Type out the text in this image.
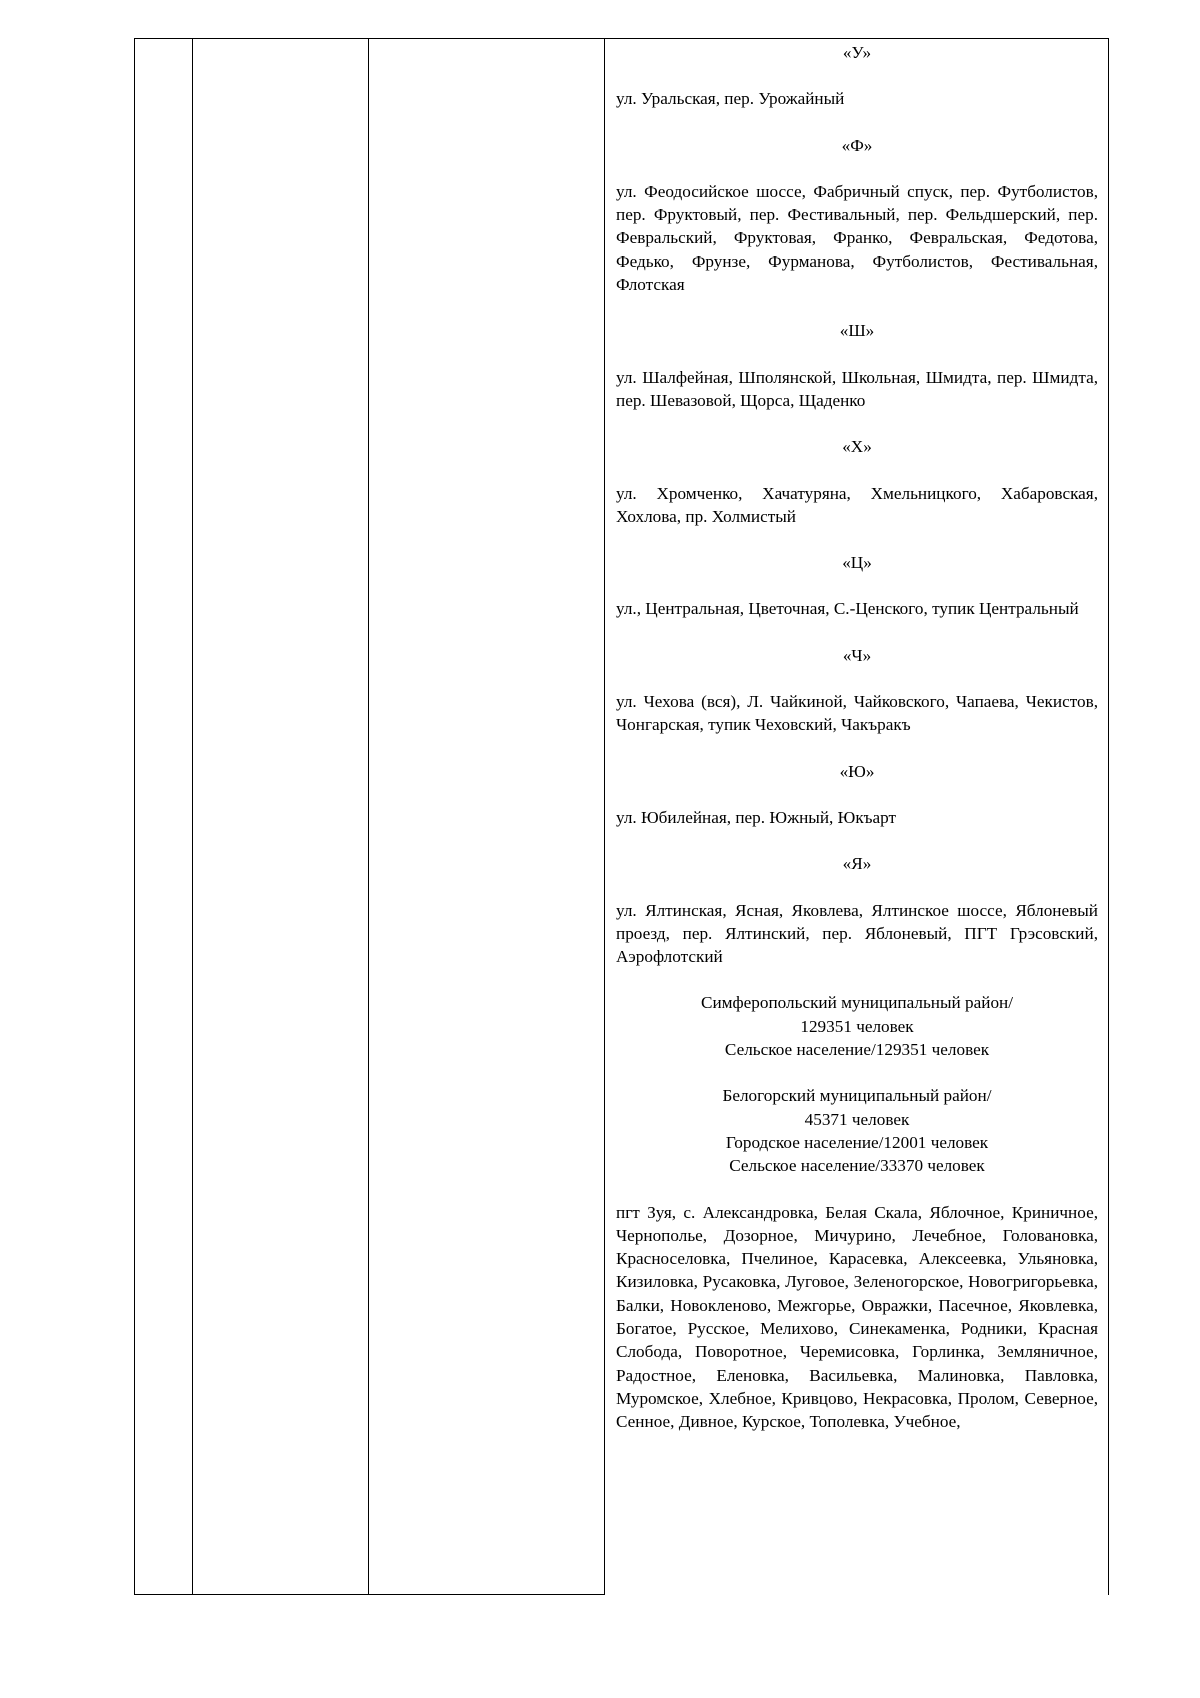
«У»

ул. Уральская, пер. Урожайный

«Ф»

ул. Феодосийское шоссе, Фабричный спуск, пер. Футболистов, пер. Фруктовый, пер. Фестивальный, пер. Фельдшерский, пер. Февральский, Фруктовая, Франко, Февральская, Федотова, Федько, Фрунзе, Фурманова, Футболистов, Фестивальная, Флотская

«Ш»

ул. Шалфейная, Шполянской, Школьная, Шмидта, пер. Шмидта, пер. Шевазовой, Щорса, Щаденко

«Х»

ул. Хромченко, Хачатуряна, Хмельницкого, Хабаровская, Хохлова, пр. Холмистый

«Ц»

ул., Центральная, Цветочная, С.-Ценского, тупик Центральный

«Ч»

ул. Чехова (вся), Л. Чайкиной, Чайковского, Чапаева, Чекистов, Чонгарская, тупик Чеховский, Чакъракъ

«Ю»

ул. Юбилейная, пер. Южный, Юкъарт

«Я»

ул. Ялтинская, Ясная, Яковлева, Ялтинское шоссе, Яблоневый проезд, пер. Ялтинский, пер. Яблоневый, ПГТ Грэсовский, Аэрофлотский

Симферопольский муниципальный район/
129351 человек
Сельское население/129351 человек
Белогорский муниципальный район/
45371 человек
Городское население/12001 человек
Сельское население/33370 человек

пгт Зуя, с. Александровка, Белая Скала, Яблочное, Криничное, Чернополье, Дозорное, Мичурино, Лечебное, Головановка, Красноселовка, Пчелиное, Карасевка, Алексеевка, Ульяновка, Кизиловка, Русаковка, Луговое, Зеленогорское, Новогригорьевка, Балки, Новокленово, Межгорье, Овражки, Пасечное, Яковлевка, Богатое, Русское, Мелихово, Синекаменка, Родники, Красная Слобода, Поворотное, Черемисовка, Горлинка, Земляничное, Радостное, Еленовка, Васильевка, Малиновка, Павловка, Муромское, Хлебное, Кривцово, Некрасовка, Пролом, Северное, Сенное, Дивное, Курское, Тополевка, Учебное,
